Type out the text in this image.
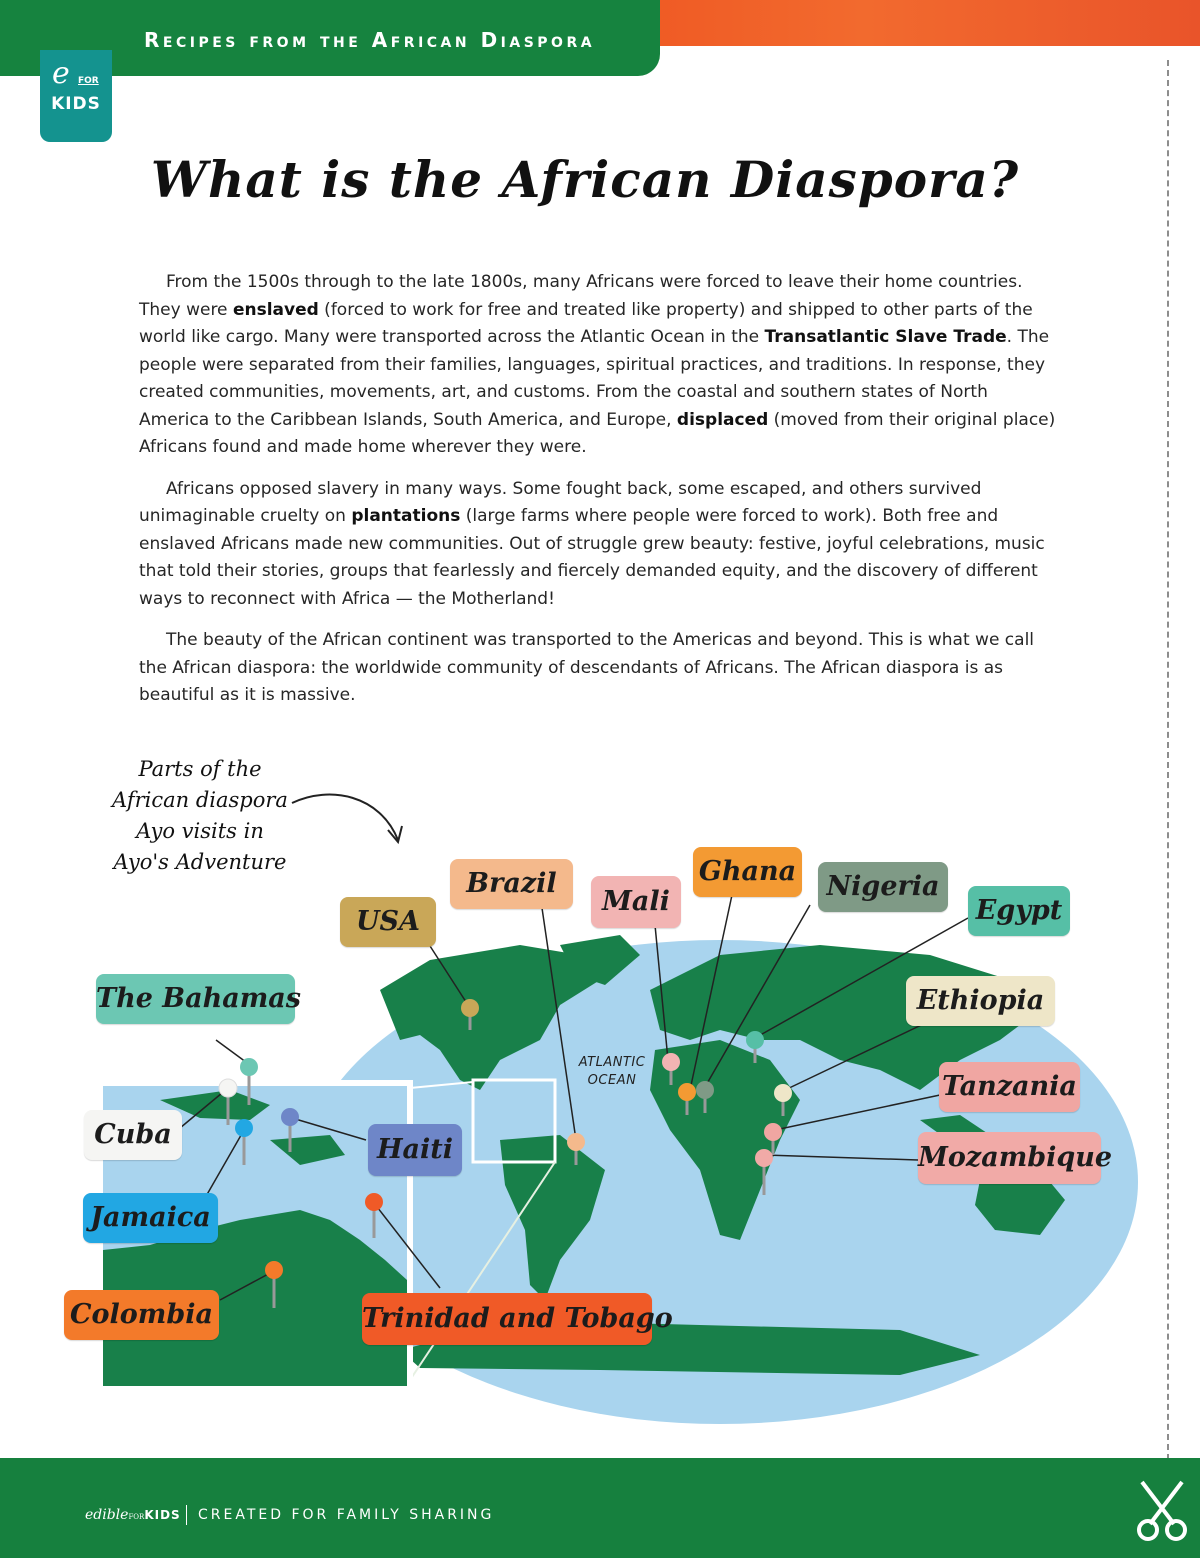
Recipes from the African Diaspora
e FOR
KIDS
What is the African Diaspora?

From the 1500s through to the late 1800s, many Africans were forced to leave their home countries. They were enslaved (forced to work for free and treated like property) and shipped to other parts of the world like cargo. Many were transported across the Atlantic Ocean in the Transatlantic Slave Trade. The people were separated from their families, languages, spiritual practices, and traditions. In response, they created communities, movements, art, and customs. From the coastal and southern states of North America to the Caribbean Islands, South America, and Europe, displaced (moved from their original place) Africans found and made home wherever they were.

Africans opposed slavery in many ways. Some fought back, some escaped, and others survived unimaginable cruelty on plantations (large farms where people were forced to work). Both free and enslaved Africans made new communities. Out of struggle grew beauty: festive, joyful celebrations, music that told their stories, groups that fearlessly and fiercely demanded equity, and the discovery of different ways to reconnect with Africa — the Motherland!

The beauty of the African continent was transported to the Americas and beyond. This is what we call the African diaspora: the worldwide community of descendants of Africans. The African diaspora is as beautiful as it is massive.

Parts of the
African diaspora
Ayo visits in
Ayo's Adventure
ATLANTIC
OCEAN
USA
Brazil
Mali
Ghana	Nigeria
Egypt
Ethiopia
Tanzania
Mozambique
The Bahamas
Cuba	Haiti
Jamaica
Colombia	Trinidad and Tobago
edibleFORKIDS CREATED FOR FAMILY SHARING
